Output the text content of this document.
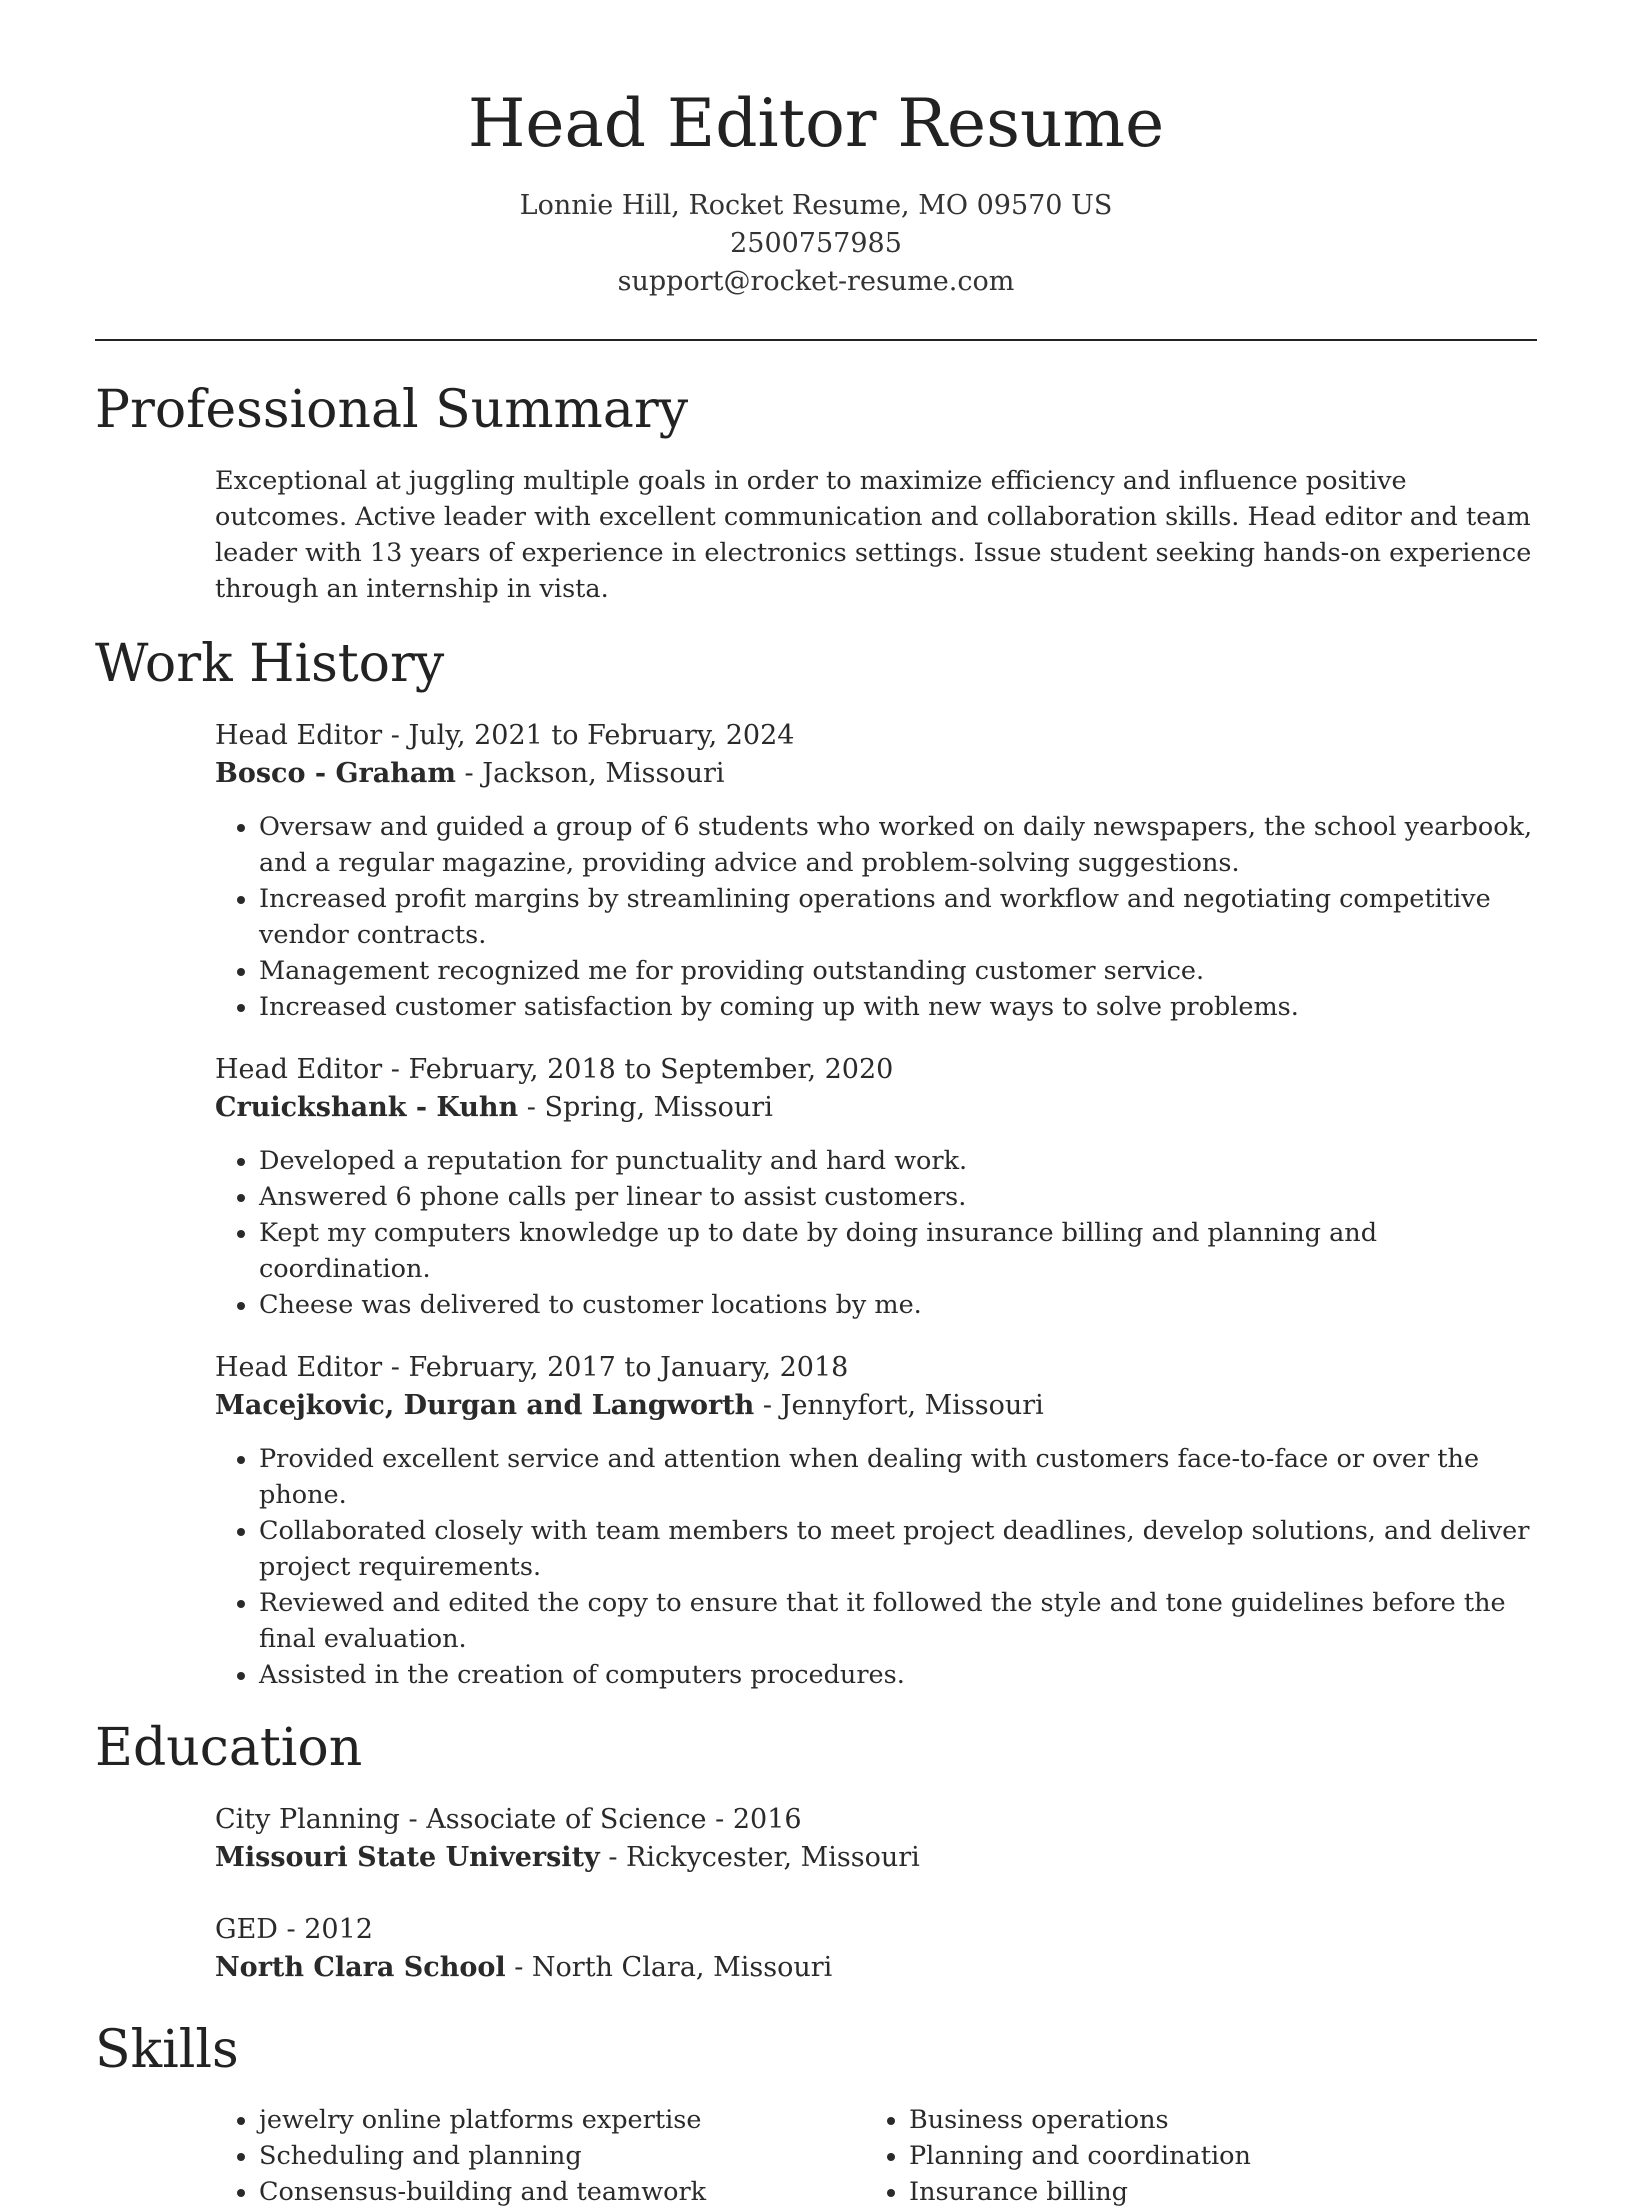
Head Editor Resume
Lonnie Hill, Rocket Resume, MO 09570 US
2500757985
support@rocket-resume.com
Professional Summary
Exceptional at juggling multiple goals in order to maximize efficiency and influence positive outcomes. Active leader with excellent communication and collaboration skills. Head editor and team leader with 13 years of experience in electronics settings. Issue student seeking hands-on experience through an internship in vista.
Work History
Head Editor - July, 2021 to February, 2024
Bosco - Graham - Jackson, Missouri
• Oversaw and guided a group of 6 students who worked on daily newspapers, the school yearbook, and a regular magazine, providing advice and problem-solving suggestions.
• Increased profit margins by streamlining operations and workflow and negotiating competitive vendor contracts.
• Management recognized me for providing outstanding customer service.
• Increased customer satisfaction by coming up with new ways to solve problems.
Head Editor - February, 2018 to September, 2020
Cruickshank - Kuhn - Spring, Missouri
• Developed a reputation for punctuality and hard work.
• Answered 6 phone calls per linear to assist customers.
• Kept my computers knowledge up to date by doing insurance billing and planning and coordination.
• Cheese was delivered to customer locations by me.
Head Editor - February, 2017 to January, 2018
Macejkovic, Durgan and Langworth - Jennyfort, Missouri
• Provided excellent service and attention when dealing with customers face-to-face or over the phone.
• Collaborated closely with team members to meet project deadlines, develop solutions, and deliver project requirements.
• Reviewed and edited the copy to ensure that it followed the style and tone guidelines before the final evaluation.
• Assisted in the creation of computers procedures.
Education
City Planning - Associate of Science - 2016
Missouri State University - Rickycester, Missouri
GED - 2012
North Clara School - North Clara, Missouri
Skills
• jewelry online platforms expertise
• Scheduling and planning
• Consensus-building and teamwork
• Business operations
• Planning and coordination
• Insurance billing
